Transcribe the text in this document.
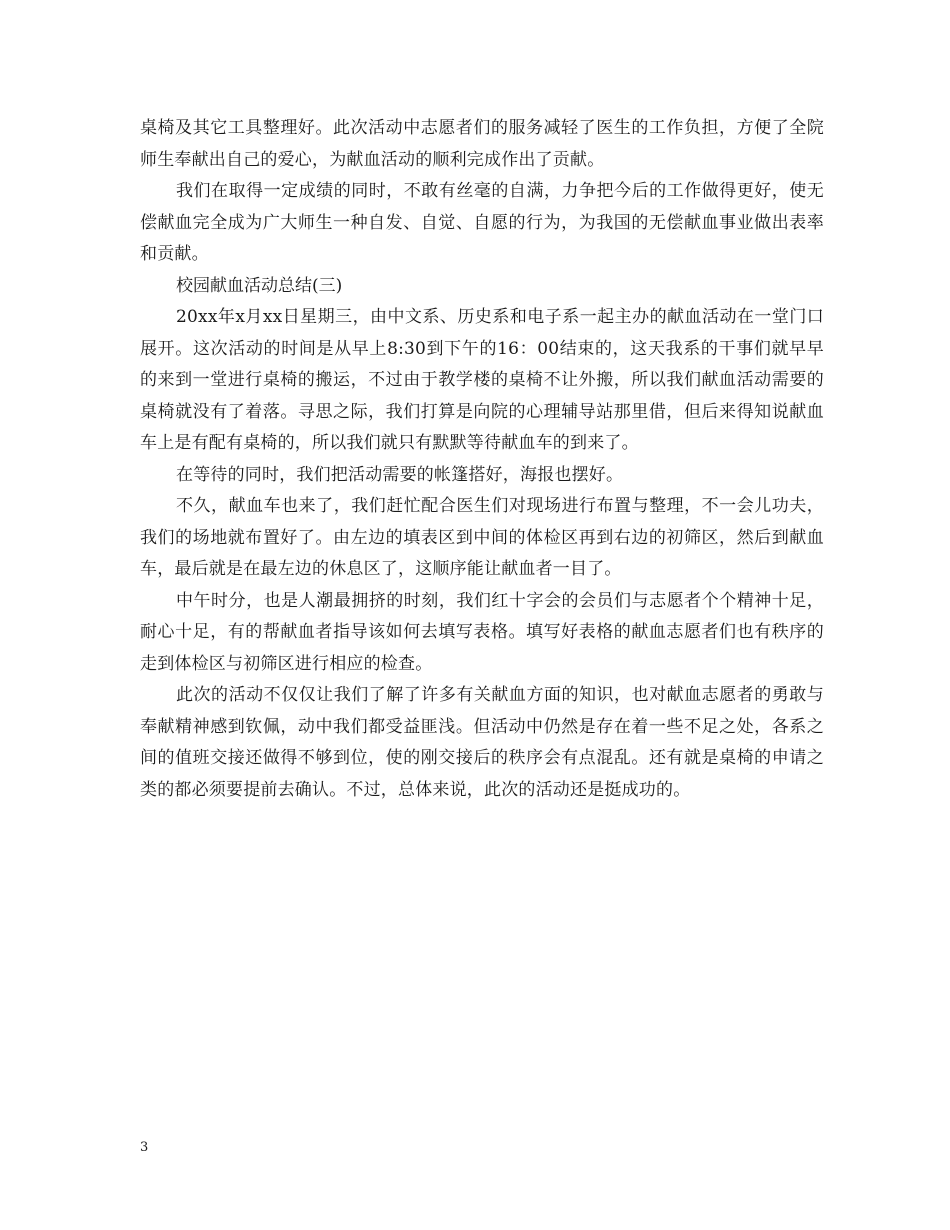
桌椅及其它工具整理好。此次活动中志愿者们的服务减轻了医生的工作负担，方便了全院师生奉献出自己的爱心，为献血活动的顺利完成作出了贡献。

我们在取得一定成绩的同时，不敢有丝毫的自满，力争把今后的工作做得更好，使无偿献血完全成为广大师生一种自发、自觉、自愿的行为，为我国的无偿献血事业做出表率和贡献。

校园献血活动总结(三)

20xx年x月xx日星期三，由中文系、历史系和电子系一起主办的献血活动在一堂门口展开。这次活动的时间是从早上8:30到下午的16：00结束的，这天我系的干事们就早早的来到一堂进行桌椅的搬运，不过由于教学楼的桌椅不让外搬，所以我们献血活动需要的桌椅就没有了着落。寻思之际，我们打算是向院的心理辅导站那里借，但后来得知说献血车上是有配有桌椅的，所以我们就只有默默等待献血车的到来了。

在等待的同时，我们把活动需要的帐篷搭好，海报也摆好。

不久，献血车也来了，我们赶忙配合医生们对现场进行布置与整理，不一会儿功夫，我们的场地就布置好了。由左边的填表区到中间的体检区再到右边的初筛区，然后到献血车，最后就是在最左边的休息区了，这顺序能让献血者一目了。

中午时分，也是人潮最拥挤的时刻，我们红十字会的会员们与志愿者个个精神十足，耐心十足，有的帮献血者指导该如何去填写表格。填写好表格的献血志愿者们也有秩序的走到体检区与初筛区进行相应的检查。

此次的活动不仅仅让我们了解了许多有关献血方面的知识，也对献血志愿者的勇敢与奉献精神感到钦佩，动中我们都受益匪浅。但活动中仍然是存在着一些不足之处，各系之间的值班交接还做得不够到位，使的刚交接后的秩序会有点混乱。还有就是桌椅的申请之类的都必须要提前去确认。不过，总体来说，此次的活动还是挺成功的。

3
